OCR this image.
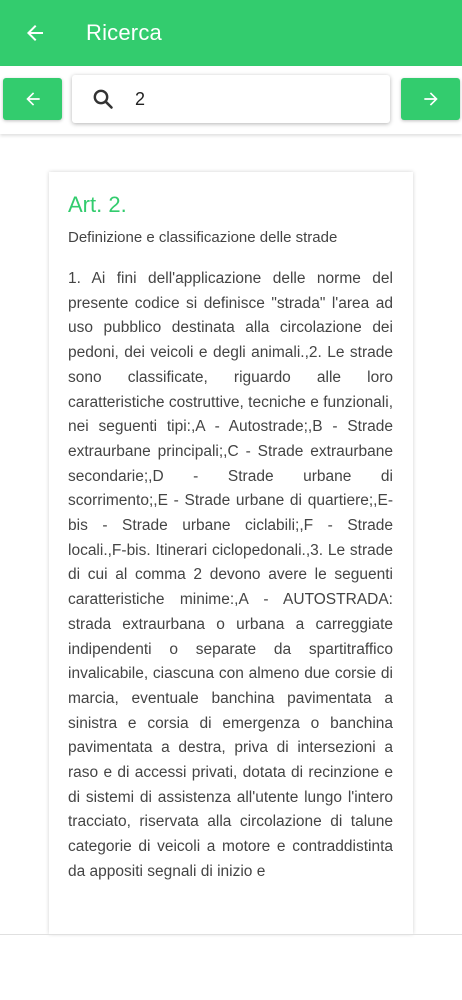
Ricerca
2
Art. 2.
Definizione e classificazione delle strade
1. Ai fini dell'applicazione delle norme del presente codice si definisce "strada" l'area ad uso pubblico destinata alla circolazione dei pedoni, dei veicoli e degli animali.,2. Le strade sono classificate, riguardo alle loro caratteristiche costruttive, tecniche e funzionali, nei seguenti tipi:,A - Autostrade;,B - Strade extraurbane principali;,C - Strade extraurbane secondarie;,D - Strade urbane di scorrimento;,E - Strade urbane di quartiere;,E-bis - Strade urbane ciclabili;,F - Strade locali.,F-bis. Itinerari ciclopedonali.,3. Le strade di cui al comma 2 devono avere le seguenti caratteristiche minime:,A - AUTOSTRADA: strada extraurbana o urbana a carreggiate indipendenti o separate da spartitraffico invalicabile, ciascuna con almeno due corsie di marcia, eventuale banchina pavimentata a sinistra e corsia di emergenza o banchina pavimentata a destra, priva di intersezioni a raso e di accessi privati, dotata di recinzione e di sistemi di assistenza all'utente lungo l'intero tracciato, riservata alla circolazione di talune categorie di veicoli a motore e contraddistinta da appositi segnali di inizio e
